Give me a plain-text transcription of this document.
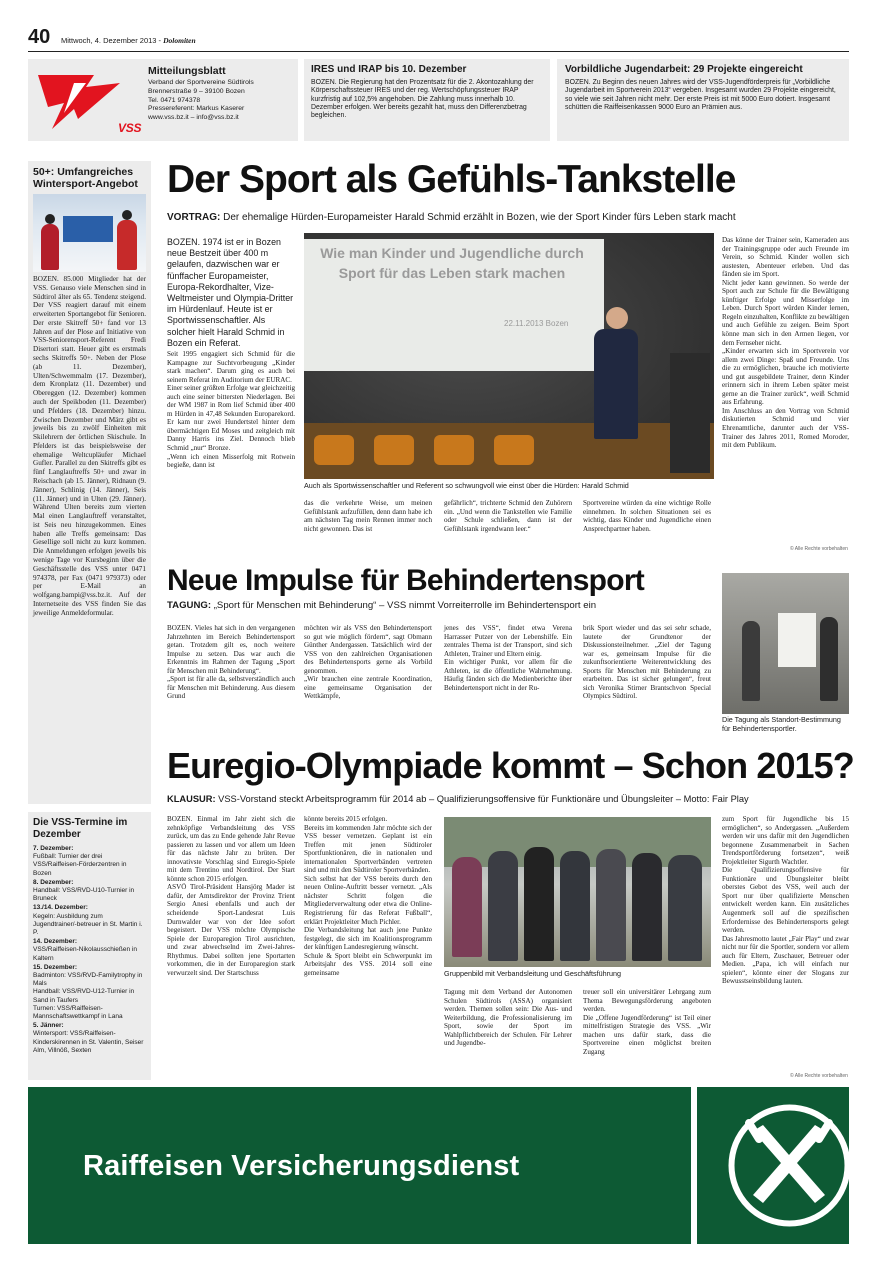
40 Mittwoch, 4. Dezember 2013 - Dolomiten
VSS
Mitteilungsblatt
Verband der Sportvereine Südtirols
Brennerstraße 9 – 39100 Bozen
Tel. 0471 974378
Pressereferent: Markus Kaserer
www.vss.bz.it – info@vss.bz.it
IRES und IRAP bis 10. Dezember
BOZEN. Die Regierung hat den Prozentsatz für die 2. Akontozahlung der Körperschaftssteuer IRES und der reg. Wertschöpfungssteuer IRAP kurzfristig auf 102,5% angehoben. Die Zahlung muss innerhalb 10. Dezember erfolgen. Wer bereits gezahlt hat, muss den Differenzbetrag begleichen.
Vorbildliche Jugendarbeit: 29 Projekte eingereicht
BOZEN. Zu Beginn des neuen Jahres wird der VSS-Jugendförderpreis für „Vorbildliche Jugendarbeit im Sportverein 2013“ vergeben. Insgesamt wurden 29 Projekte eingereicht, so viele wie seit Jahren nicht mehr. Der erste Preis ist mit 5000 Euro dotiert. Insgesamt schütten die Raiffeisenkassen 9000 Euro an Prämien aus.
50+: Umfangreiches Wintersport-Angebot
BOZEN. 85.000 Mitglieder hat der VSS. Genauso viele Menschen sind in Südtirol älter als 65. Tendenz steigend. Der VSS reagiert darauf mit einem erweiterten Sportangebot für Senioren. Der erste Skitreff 50+ fand vor 13 Jahren auf der Plose auf Initiative von VSS-Seniorensport-Referent Fredi Disertori statt. Heuer gibt es erstmals sechs Skitreffs 50+. Neben der Plose (ab 11. Dezember), Ulten/Schwemmalm (17. Dezember), dem Kronplatz (11. Dezember) und Obereggen (12. Dezember) kommen auch der Speikboden (11. Dezember) und Pfelders (18. Dezember) hinzu. Zwischen Dezember und März gibt es jeweils bis zu zwölf Einheiten mit Skilehrern der örtlichen Skischule. In Pfelders ist das beispielsweise der ehemalige Weltcupläufer Michael Gufler. Parallel zu den Skitreffs gibt es fünf Langlauftreffs 50+ und zwar in Reischach (ab 15. Jänner), Ridnaun (9. Jänner), Schlinig (14. Jänner), Seis (11. Jänner) und in Ulten (29. Jänner). Während Ulten bereits zum vierten Mal einen Langlauftreff veranstaltet, ist Seis neu hinzugekommen. Eines haben alle Treffs gemeinsam: Das Gesellige soll nicht zu kurz kommen. Die Anmeldungen erfolgen jeweils bis wenige Tage vor Kursbeginn über die Geschäftsstelle des VSS unter 0471 974378, per Fax (0471 979373) oder per E-Mail an wolfgang.bampi@vss.bz.it. Auf der Internetseite des VSS finden Sie das jeweilige Anmeldeformular.
Die VSS-Termine im Dezember
7. Dezember:
Fußball: Turnier der drei VSS/Raiffeisen-Förderzentren in Bozen
8. Dezember:
Handball: VSS/RVD-U10-Turnier in Bruneck
13./14. Dezember:
Kegeln: Ausbildung zum Jugendtrainer/-betreuer in St. Martin i. P.
14. Dezember:
VSS/Raiffeisen-Nikolausschießen in Kaltern
15. Dezember:
Badminton: VSS/RVD-Familytrophy in Mals
Handball: VSS/RVD-U12-Turnier in Sand in Taufers
Turnen: VSS/Raiffeisen-Mannschaftswettkampf in Lana
5. Jänner:
Wintersport: VSS/Raiffeisen-Kinderskirennen in St. Valentin, Seiser Alm, Villnöß, Sexten
Der Sport als Gefühls-Tankstelle
VORTRAG: Der ehemalige Hürden-Europameister Harald Schmid erzählt in Bozen, wie der Sport Kinder fürs Leben stark macht
BOZEN. 1974 ist er in Bozen neue Bestzeit über 400 m gelaufen, dazwischen war er fünffacher Europameister, Europa-Rekordhalter, Vize-Weltmeister und Olympia-Dritter im Hürdenlauf. Heute ist er Sportwissenschaftler. Als solcher hielt Harald Schmid in Bozen ein Referat.
Seit 1995 engagiert sich Schmid für die Kampagne zur Suchtvorbeugung „Kinder stark machen“. Darum ging es auch bei seinem Referat im Auditorium der EURAC.
Einer seiner größten Erfolge war gleichzeitig auch eine seiner bittersten Niederlagen. Bei der WM 1987 in Rom lief Schmid über 400 m Hürden in 47,48 Sekunden Europarekord. Er kam nur zwei Hundertstel hinter dem übermächtigen Ed Moses und zeitgleich mit Danny Harris ins Ziel. Dennoch blieb Schmid „nur“ Bronze.
„Wenn ich einen Misserfolg mit Rotwein begieße, dann ist
Wie man Kinder und Jugendliche durch Sport für das Leben stark machen
22.11.2013 Bozen
Auch als Sportwissenschaftler und Referent so schwungvoll wie einst über die Hürden: Harald Schmid
das die verkehrte Weise, um meinen Gefühlstank aufzufüllen, denn dann habe ich am nächsten Tag mein Rennen immer noch nicht gewonnen. Das ist
gefährlich“, trichterte Schmid den Zuhörern ein. „Und wenn die Tankstellen wie Familie oder Schule schließen, dann ist der Gefühlstank irgendwann leer.“
Sportvereine würden da eine wichtige Rolle einnehmen. In solchen Situationen sei es wichtig, dass Kinder und Jugendliche einen Ansprechpartner haben.
Das könne der Trainer sein, Kameraden aus der Trainingsgruppe oder auch Freunde im Verein, so Schmid. Kinder wollen sich austesten, Abenteuer erleben. Und das fänden sie im Sport.
Nicht jeder kann gewinnen. So werde der Sport auch zur Schule für die Bewältigung künftiger Erfolge und Misserfolge im Leben. Durch Sport würden Kinder lernen, Regeln einzuhalten, Konflikte zu bewältigen und auch Gefühle zu zeigen. Beim Sport könne man sich in den Armen liegen, vor dem Fernseher nicht.
„Kinder erwarten sich im Sportverein vor allem zwei Dinge: Spaß und Freunde. Uns die zu ermöglichen, brauche ich motivierte und gut ausgebildete Trainer, denn Kinder erinnern sich in ihrem Leben später meist gerne an die Trainer zurück“, weiß Schmid aus Erfahrung.
Im Anschluss an den Vortrag von Schmid diskutierten Schmid und vier Ehrenamtliche, darunter auch der VSS-Trainer des Jahres 2011, Romed Moroder, mit dem Publikum.
© Alle Rechte vorbehalten
Neue Impulse für Behindertensport
TAGUNG: „Sport für Menschen mit Behinderung“ – VSS nimmt Vorreiterrolle im Behindertensport ein
BOZEN. Vieles hat sich in den vergangenen Jahrzehnten im Bereich Behindertensport getan. Trotzdem gilt es, noch weitere Impulse zu setzen. Das war auch die Erkenntnis im Rahmen der Tagung „Sport für Menschen mit Behinderung“.
„Sport ist für alle da, selbstverständlich auch für Menschen mit Behinderung. Aus diesem Grund
möchten wir als VSS den Behindertensport so gut wie möglich fördern“, sagt Obmann Günther Andergassen. Tatsächlich wird der VSS von den zahlreichen Organisationen des Behindertensports gerne als Vorbild genommen.
„Wir brauchen eine zentrale Koordination, eine gemeinsame Organisation der Wettkämpfe,
jenes des VSS“, findet etwa Verena Harrasser Putzer von der Lebenshilfe. Ein zentrales Thema ist der Transport, sind sich Athleten, Trainer und Eltern einig.
Ein wichtiger Punkt, vor allem für die Athleten, ist die öffentliche Wahrnehmung. Häufig fänden sich die Medienberichte über Behindertensport nicht in der Ru-
brik Sport wieder und das sei sehr schade, lautete der Grundtenor der Diskussionsteilnehmer. „Ziel der Tagung war es, gemeinsam Impulse für die zukunftsorientierte Weiterentwicklung des Sports für Menschen mit Behinderung zu erarbeiten. Das ist sicher gelungen“, freut sich Veronika Stirner Brantschvon Special Olympics Südtirol.
Die Tagung als Standort-Bestimmung für Behindertensportler.
Euregio-Olympiade kommt – Schon 2015?
KLAUSUR: VSS-Vorstand steckt Arbeitsprogramm für 2014 ab – Qualifizierungsoffensive für Funktionäre und Übungsleiter – Motto: Fair Play
BOZEN. Einmal im Jahr zieht sich die zehnköpfige Verbandsleitung des VSS zurück, um das zu Ende gehende Jahr Revue passieren zu lassen und vor allem um Ideen für das nächste Jahr zu brüten. Der innovativste Vorschlag sind Euregio-Spiele mit dem Trentino und Nordtirol. Der Start könnte schon 2015 erfolgen.
ASVÖ Tirol-Präsident Hansjörg Mader ist dafür, der Amtsdirektor der Provinz Trient Sergio Anesi ebenfalls und auch der scheidende Sport-Landesrat Luis Durnwalder war von der Idee sofort begeistert. Der VSS möchte Olympische Spiele der Europaregion Tirol ausrichten, und zwar abwechselnd im Zwei-Jahres-Rhythmus. Dabei sollten jene Sportarten vorkommen, die in der Europaregion stark verwurzelt sind. Der Startschuss
könnte bereits 2015 erfolgen.
Bereits im kommenden Jahr möchte sich der VSS besser vernetzen. Geplant ist ein Treffen mit jenen Südtiroler Sportfunktionären, die in nationalen und internationalen Sportverbänden vertreten sind und mit den Südtiroler Sportverbänden.
Sich selbst hat der VSS bereits durch den neuen Online-Auftritt besser vernetzt. „Als nächster Schritt folgen die Mitgliederverwaltung oder etwa die Online-Registrierung für das Referat Fußball“, erklärt Projektleiter Much Pichler.
Die Verbandsleitung hat auch jene Punkte festgelegt, die sich im Koalitionsprogramm der künftigen Landesregierung wünscht.
Schule & Sport bleibt ein Schwerpunkt im Arbeitsjahr des VSS. 2014 soll eine gemeinsame	Gruppenbild mit Verbandsleitung und Geschäftsführung
Tagung mit dem Verband der Autonomen Schulen Südtirols (ASSA) organisiert werden. Themen sollen sein: Die Aus- und Weiterbildung, die Professionalisierung im Sport, sowie der Sport im Wahlpflichtbereich der Schulen. Für Lehrer und Jugendbe-
treuer soll ein universitärer Lehrgang zum Thema Bewegungsförderung angeboten werden.
Die „Offene Jugendförderung“ ist Teil einer mittelfristigen Strategie des VSS. „Wir machen uns dafür stark, dass die Sportvereine einen möglichst breiten Zugang
zum Sport für Jugendliche bis 15 ermöglichen“, so Andergassen. „Außerdem werden wir uns dafür mit den Jugendlichen begonnene Zusammenarbeit in Sachen Trendsportförderung fortsetzen“, weiß Projektleiter Sigurth Wachtler.
Die Qualifizierungsoffensive für Funktionäre und Übungsleiter bleibt oberstes Gebot des VSS, weil auch der Sport nur über qualifizierte Menschen entwickelt werden kann. Ein zusätzliches Augenmerk soll auf die spezifischen Erfordernisse des Behindertensports gelegt werden.
Das Jahresmotto lautet „Fair Play“ und zwar nicht nur für die Sportler, sondern vor allem auch für Eltern, Zuschauer, Betreuer oder Medien. „Papa, ich will einfach nur spielen“, könnte einer der Slogans zur Bewusstseinsbildung lauten.
© Alle Rechte vorbehalten
Raiffeisen Versicherungsdienst
